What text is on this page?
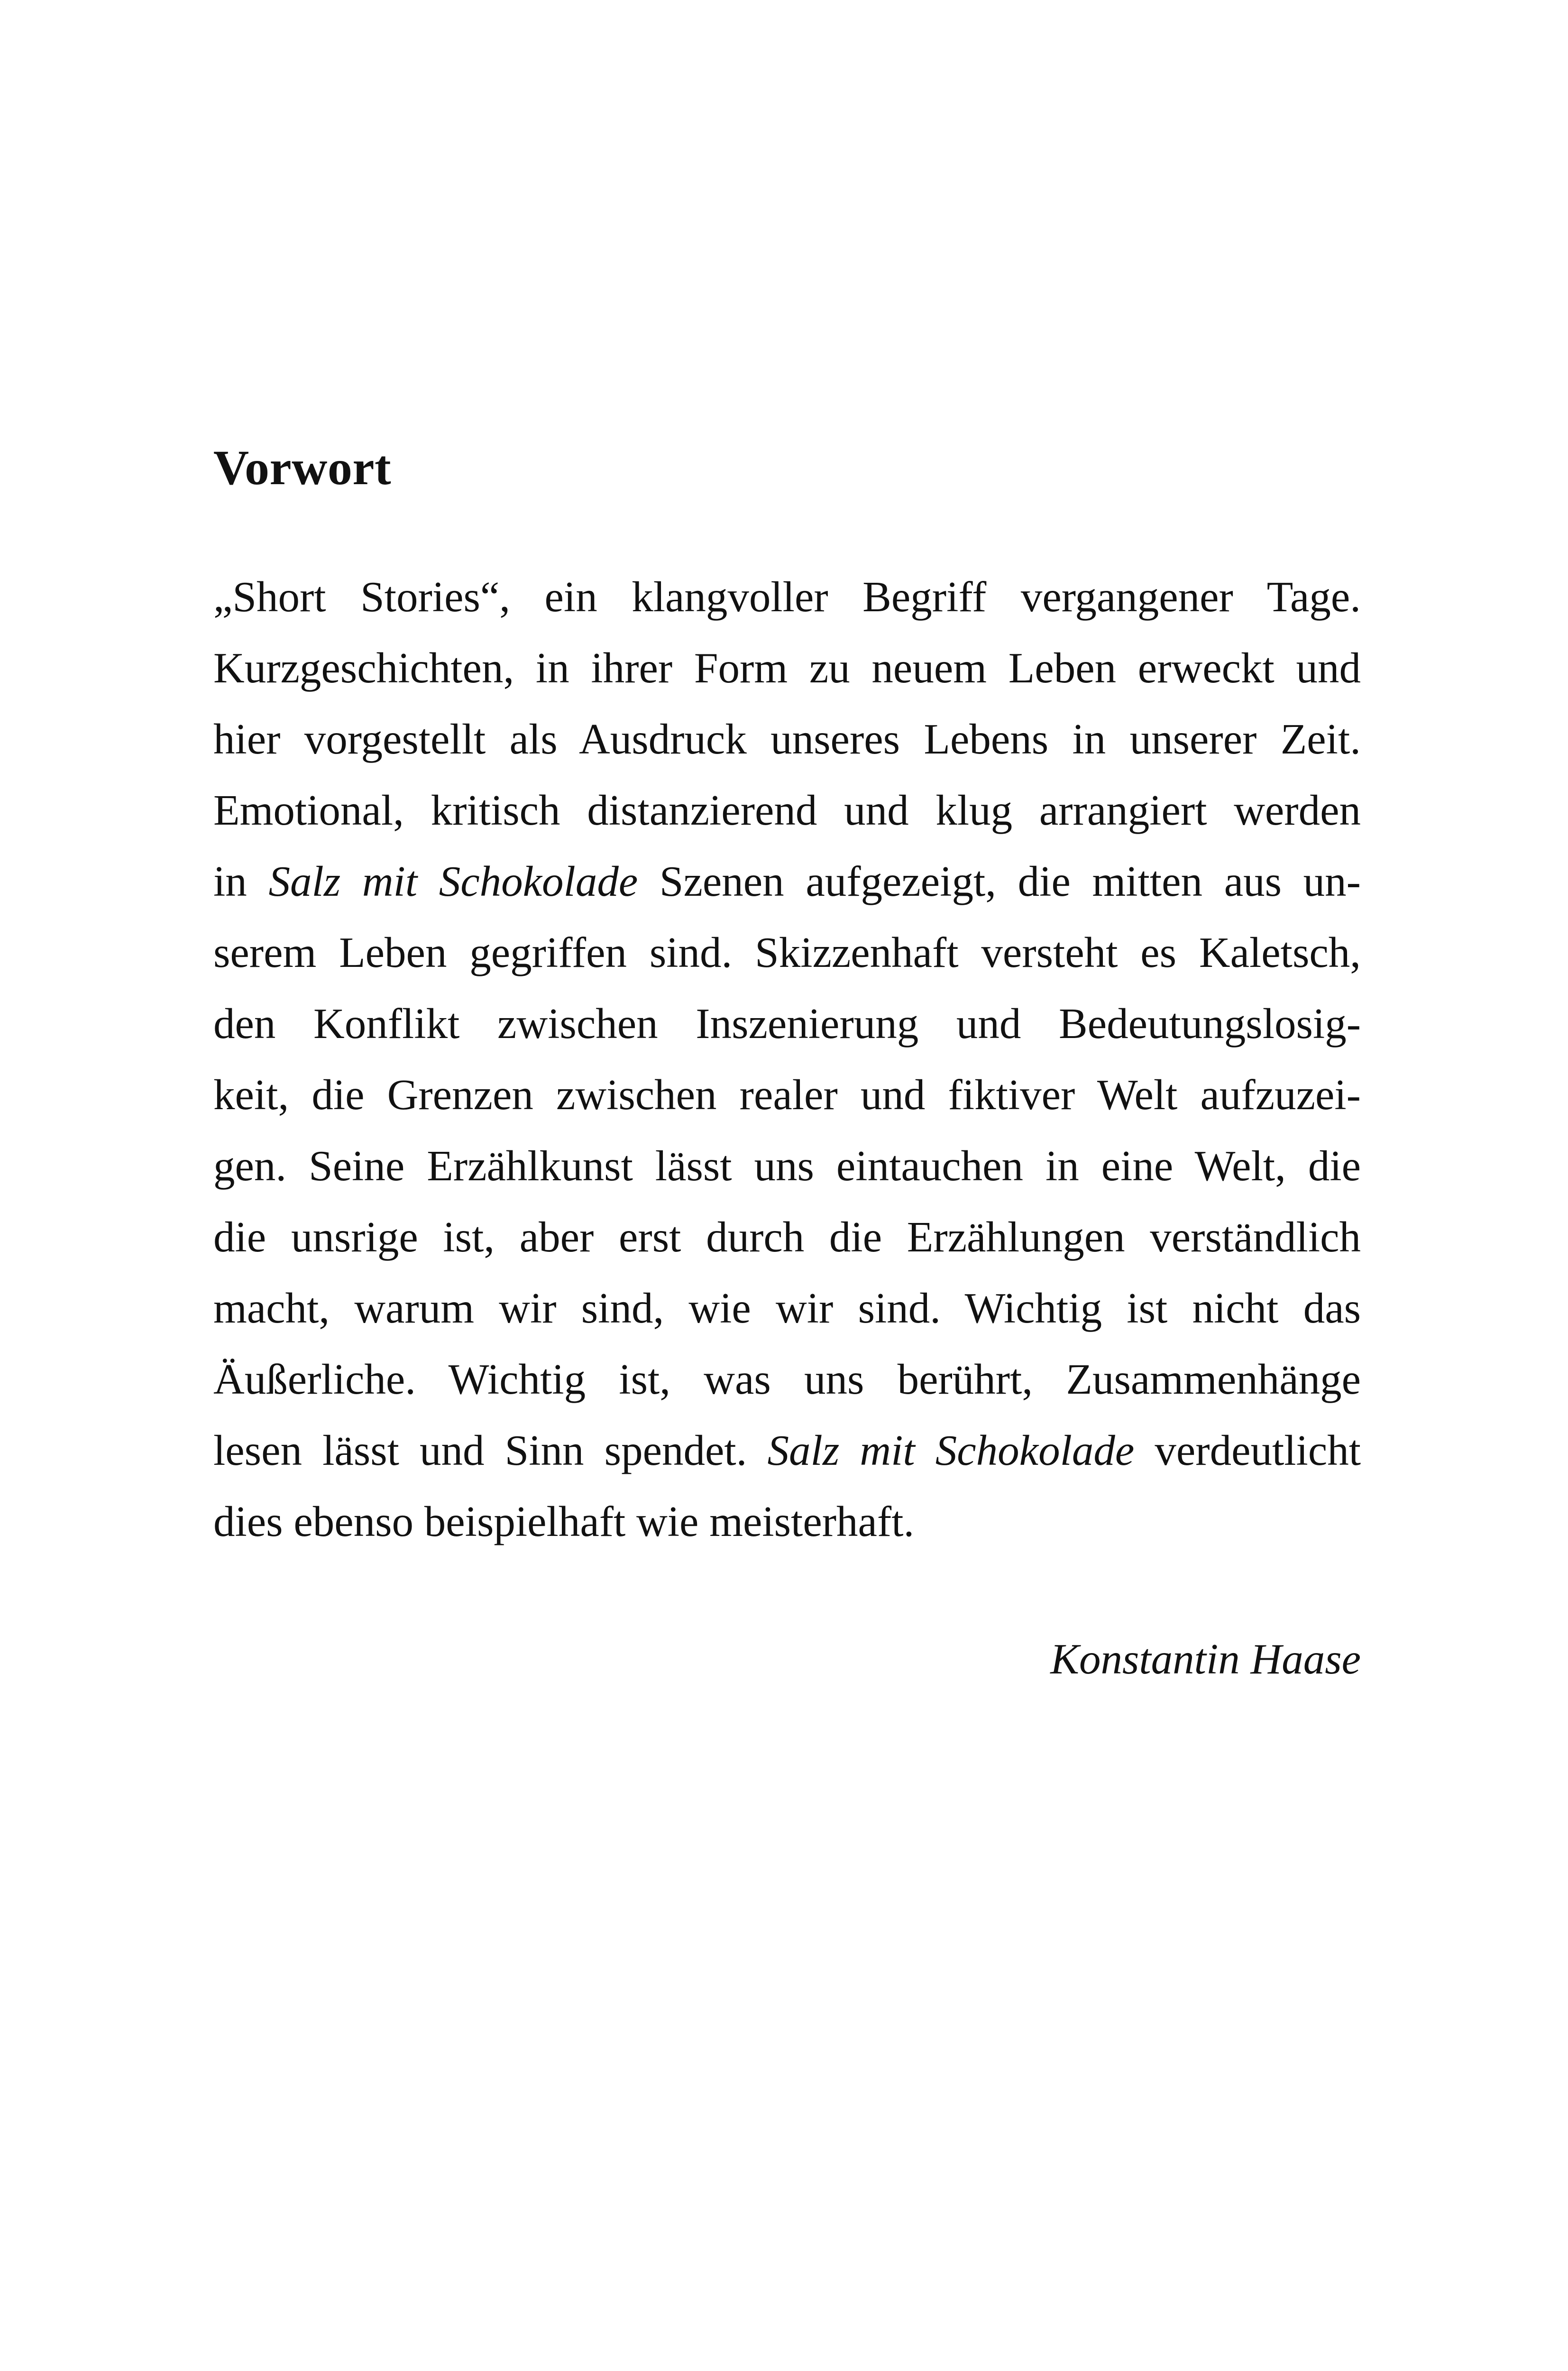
Vorwort
„Short Stories“, ein klangvoller Begriff vergangener Tage.
Kurzgeschichten, in ihrer Form zu neuem Leben erweckt und
hier vorgestellt als Ausdruck unseres Lebens in unserer Zeit.
Emotional, kritisch distanzierend und klug arrangiert werden
in Salz mit Schokolade Szenen aufgezeigt, die mitten aus un-
serem Leben gegriffen sind. Skizzenhaft versteht es Kaletsch,
den Konflikt zwischen Inszenierung und Bedeutungslosig-
keit, die Grenzen zwischen realer und fiktiver Welt aufzuzei-
gen. Seine Erzählkunst lässt uns eintauchen in eine Welt, die
die unsrige ist, aber erst durch die Erzählungen verständlich
macht, warum wir sind, wie wir sind. Wichtig ist nicht das
Äußerliche. Wichtig ist, was uns berührt, Zusammenhänge
lesen lässt und Sinn spendet. Salz mit Schokolade verdeutlicht
dies ebenso beispielhaft wie meisterhaft.

Konstantin Haase
